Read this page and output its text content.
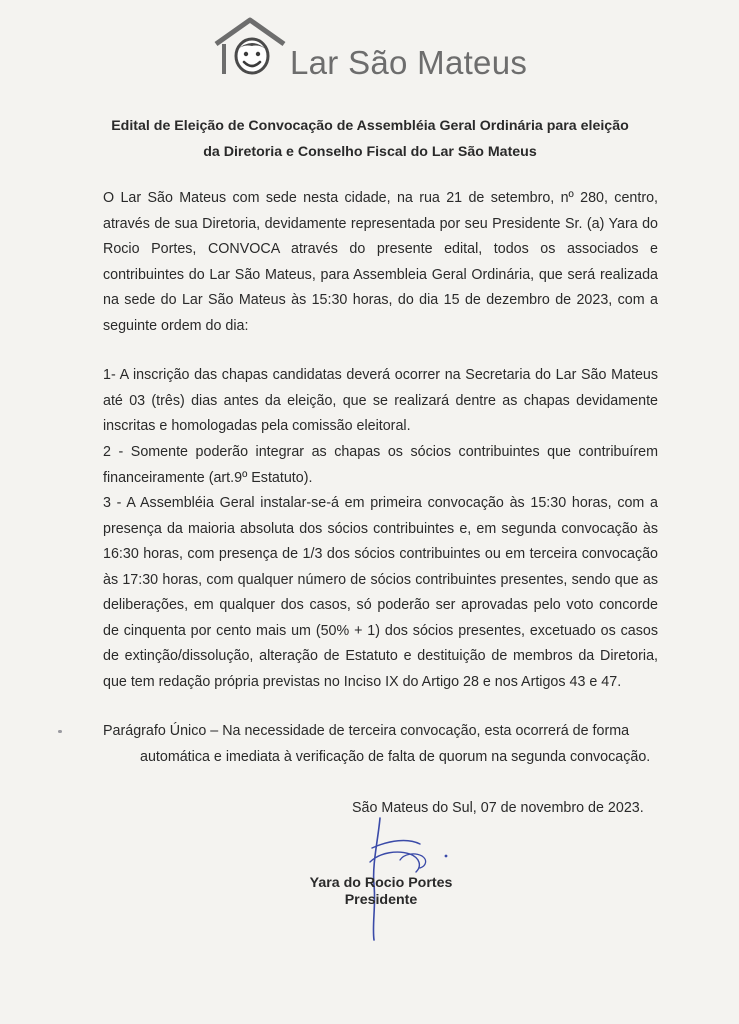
Lar São Mateus
Edital de Eleição de Convocação de Assembléia Geral Ordinária para eleição
da Diretoria e Conselho Fiscal do Lar São Mateus
O Lar São Mateus com sede nesta cidade, na rua 21 de setembro, nº 280, centro, através de sua Diretoria, devidamente representada por seu Presidente Sr. (a) Yara do Rocio Portes, CONVOCA através do presente edital, todos os associados e contribuintes do Lar São Mateus, para Assembleia Geral Ordinária, que será realizada na sede do Lar São Mateus às 15:30 horas, do dia 15 de dezembro de 2023, com a seguinte ordem do dia:
1- A inscrição das chapas candidatas deverá ocorrer na Secretaria do Lar São Mateus até 03 (três) dias antes da eleição, que se realizará dentre as chapas devidamente inscritas e homologadas pela comissão eleitoral.
2 - Somente poderão integrar as chapas os sócios contribuintes que contribuírem financeiramente (art.9º Estatuto).
3 - A Assembléia Geral instalar-se-á em primeira convocação às 15:30 horas, com a presença da maioria absoluta dos sócios contribuintes e, em segunda convocação às 16:30 horas, com presença de 1/3 dos sócios contribuintes ou em terceira convocação às 17:30 horas, com qualquer número de sócios contribuintes presentes, sendo que as deliberações, em qualquer dos casos, só poderão ser aprovadas pelo voto concorde de cinquenta por cento mais um (50% + 1) dos sócios presentes, excetuado os casos de extinção/dissolução, alteração de Estatuto e destituição de membros da Diretoria, que tem redação própria previstas no Inciso IX do Artigo 28 e nos Artigos 43 e 47.
Parágrafo Único – Na necessidade de terceira convocação, esta ocorrerá de forma
automática e imediata à verificação de falta de quorum na segunda convocação.
São Mateus do Sul, 07 de novembro de 2023.
Yara do Rocio Portes
Presidente
